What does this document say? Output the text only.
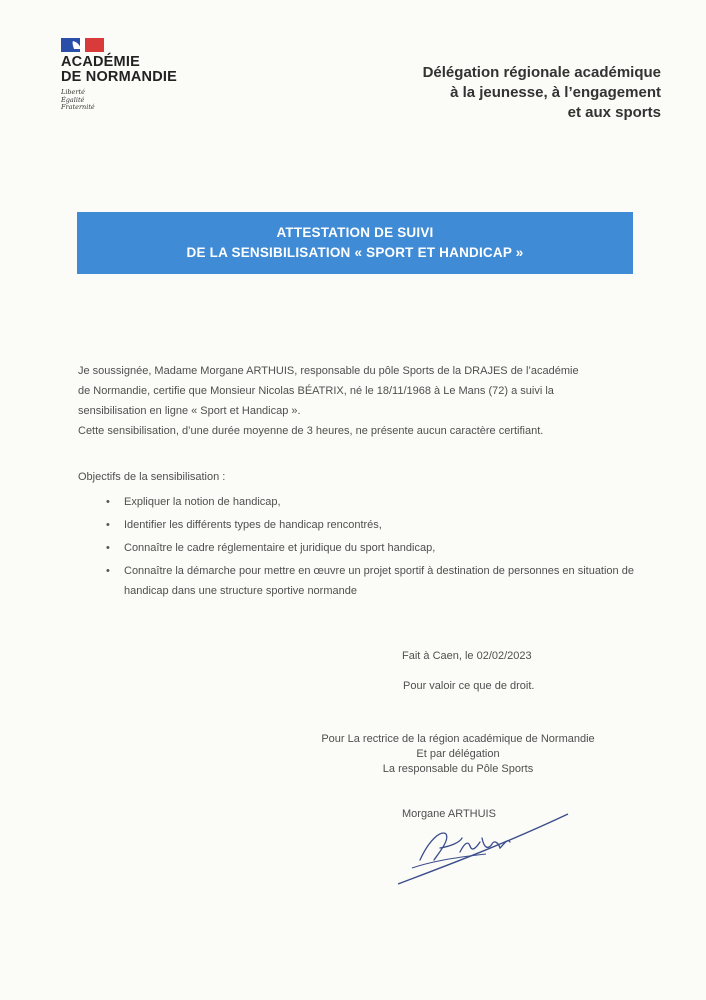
ACADÉMIE
DE NORMANDIE
Liberté
Égalité
Fraternité
Délégation régionale académique
à la jeunesse, à l’engagement
et aux sports
ATTESTATION DE SUIVI
DE LA SENSIBILISATION « SPORT ET HANDICAP »

Je soussignée, Madame Morgane ARTHUIS, responsable du pôle Sports de la DRAJES de l’académie

de Normandie, certifie que Monsieur Nicolas BÉATRIX, né le 18/11/1968 à Le Mans (72) a suivi la

sensibilisation en ligne « Sport et Handicap ».

Cette sensibilisation, d’une durée moyenne de 3 heures, ne présente aucun caractère certifiant.

Objectifs de la sensibilisation :
• Expliquer la notion de handicap,
• Identifier les différents types de handicap rencontrés,
• Connaître le cadre réglementaire et juridique du sport handicap,
• Connaître la démarche pour mettre en œuvre un projet sportif à destination de personnes en situation de handicap dans une structure sportive normande
Fait à Caen, le 02/02/2023
Pour valoir ce que de droit.
Pour La rectrice de la région académique de Normandie
Et par délégation
La responsable du Pôle Sports
Morgane ARTHUIS
